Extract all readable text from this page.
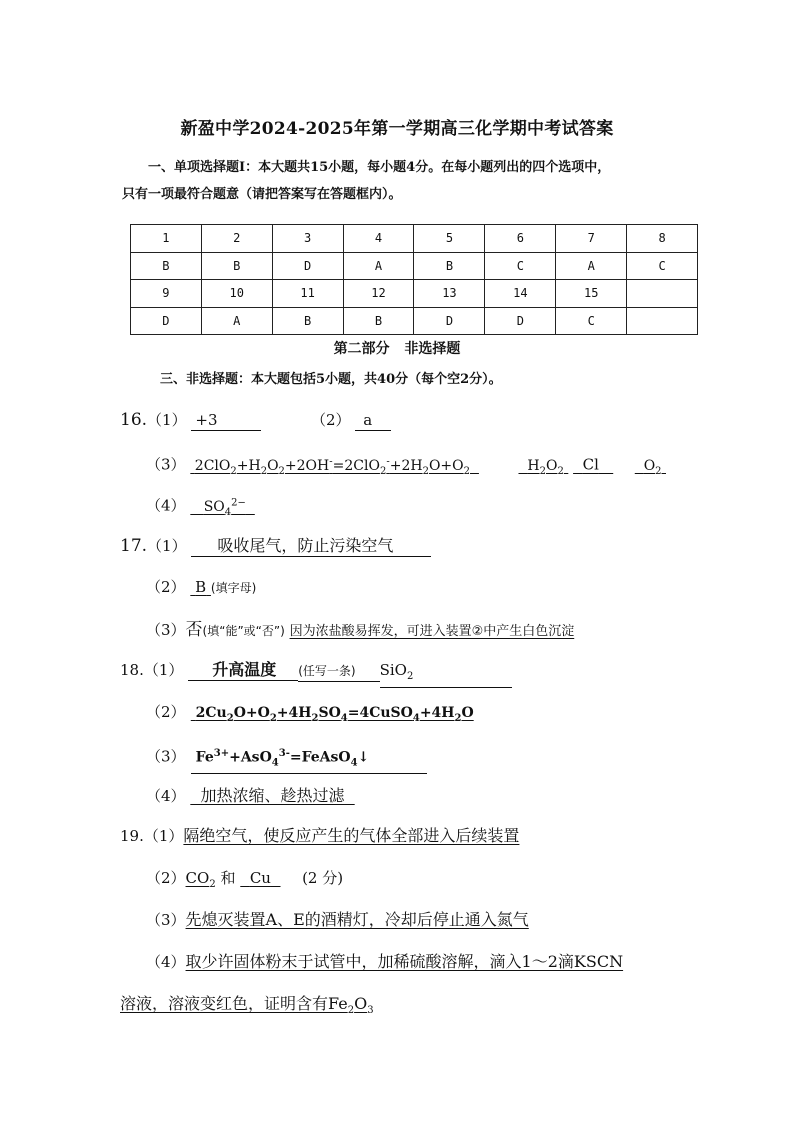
新盈中学2024-2025年第一学期高三化学期中考试答案
一、单项选择题Ⅰ：本大题共15小题，每小题4分。在每小题列出的四个选项中，
只有一项最符合题意（请把答案写在答题框内）。
1	2	3	4	5	6	7	8
B	B	D	A	B	C	A	C
9	10	11	12	13	14	15	
D	A	B	B	D	D	C	
第二部分 非选择题
三、非选择题：本大题包括5小题，共40分（每个空2分）。
16.（1） +3	（2） a
（3） $2ClO_2+H_2O_2+2OH^-=2ClO_2^-+2H_2O+O_2$	$H_2O_2$ Cl	$O_2$
（4） $SO_4^{2-}$
17.（1） 吸收尾气，防止污染空气
（2） B (填字母)
（3）否(填“能”或“否”) 因为浓盐酸易挥发，可进入装置②中产生白色沉淀
18.（1） 升高温度 (任写一条) SiO$_2$
（2） $2Cu_2O+O_2+4H_2SO_4=4CuSO_4+4H_2O$
（3） $Fe^{3+}+AsO_4^{3-}=FeAsO_4↓$
（4） 加热浓缩、趁热过滤
19.（1）隔绝空气，使反应产生的气体全部进入后续装置
$(2)CO_2$ 和 Cu (2 分)
（3）先熄灭装置A、E的酒精灯，冷却后停止通入氮气
（4）取少许固体粉末于试管中，加稀硫酸溶解，滴入1～2滴KSCN
溶液，溶液变红色，证明含有$Fe_2O_3$
